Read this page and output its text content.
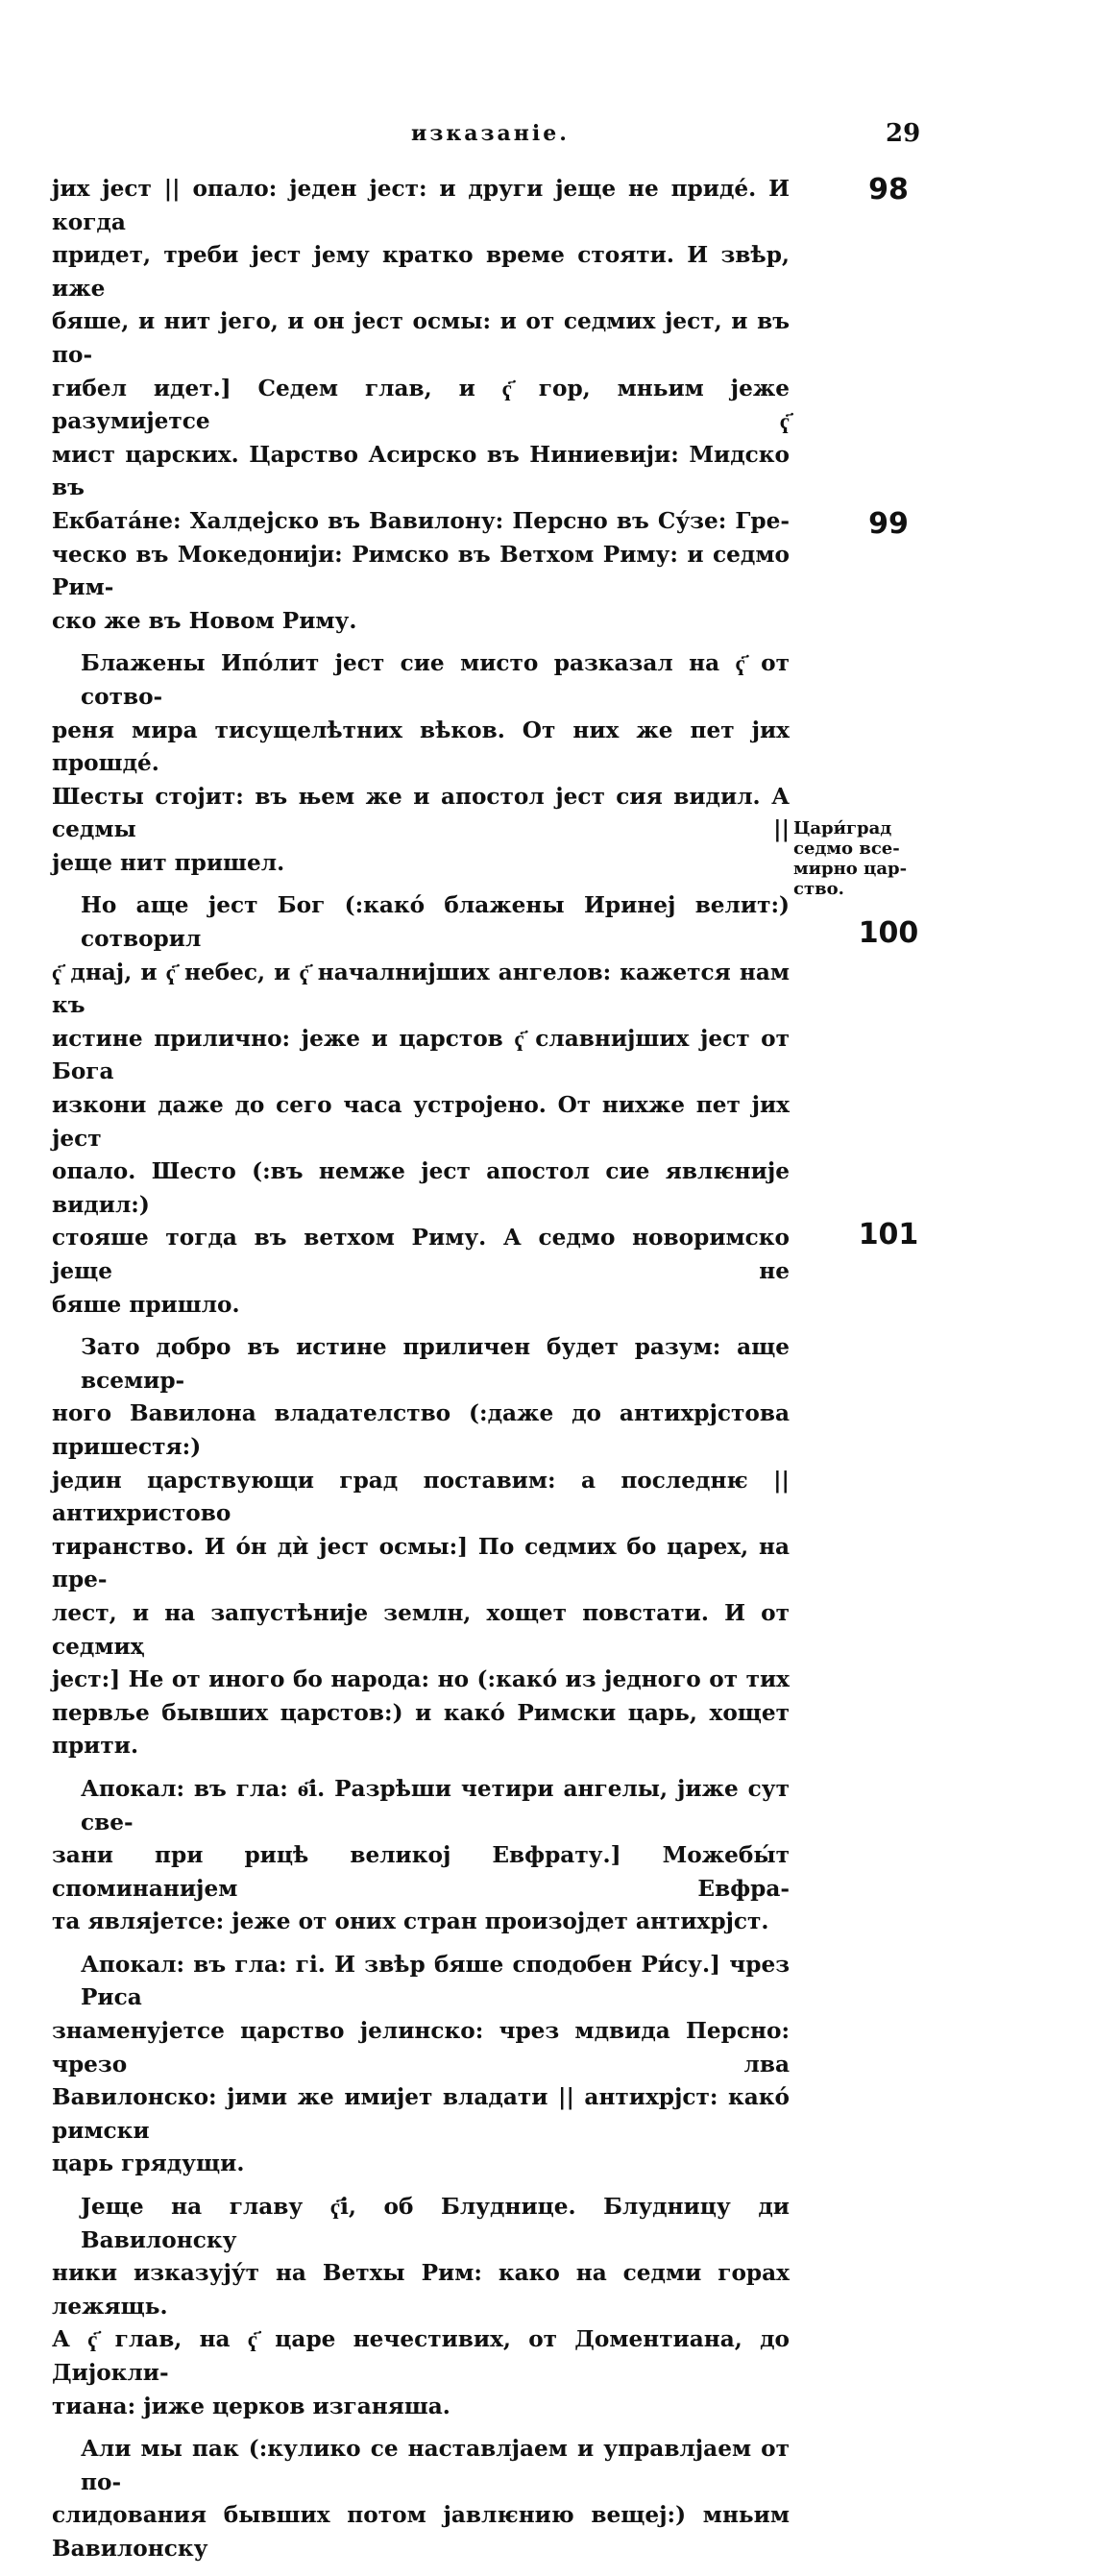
изказаніе.	29

јих јест || опало: једен јест: и други јеще не приде́. И когда
придет, треби јест јему кратко време стояти. И звѣр, иже
бяше, и нит јего, и он јест осмы: и от седмих јест, и въ по-
гибел идет.] Седем глав, и ҁ҃ гор, мньим јеже разумијетсе ҁ҃
мист царских. Царство Асирско въ Ниниевији: Мидско въ
Екбата́не: Халдејско въ Вавилону: Персно въ Су́зе: Гре-
ческо въ Мокедонији: Римско въ Ветхом Риму: и седмо Рим-
ско же въ Новом Риму.

Блажены Ипо́лит јест сие мисто разказал на ҁ҃ от сотво-
реня мира тисущелѣтних вѣков. От них же пет јих прошде́.
Шесты стојит: въ њем же и апостол јест сия видил. А седмы ||
јеще нит пришел.

Но аще јест Бог (:како́ блажены Иринеј велит:) сотворил
ҁ҃ днај, и ҁ҃ небес, и ҁ҃ началнијших ангелов: кажется нам къ
истине прилично: јеже и царстов ҁ҃ славнијших јест от Бога
изкони даже до сего часа устројено. От нихже пет јих јест
опало. Шесто (:въ немже јест апостол сие явлѥније видил:)
стояше тогда въ ветхом Риму. А седмо новоримско јеще не
бяше пришло.

Зато добро въ истине приличен будет разум: аще всемир-
ного Вавилона владателство (:даже до антихрјстова пришестя:)
једин царствующи град поставим: а последнѥ || антихристово
тиранство. И о́н дѝ јест осмы:] По седмих бо царех, на пре-
лест, и на запустѣније землн, хощет повстати. И от седмиҳ
јест:] Не от иного бо народа: но (:како́ из једного от тих
первље бывших царстов:) и како́ Римски царь, хощет прити.

Апокал: въ гла: ѳ҃і. Разрѣши четири ангелы, јиже сут све-
зани при рицѣ великој Евфрату.] Можебы́т споминанијем Евфра-
та являјетсе: јеже от оних стран произојдет антихрјст.

Апокал: въ гла: гі. И звѣр бяше сподобен Ри́су.] чрез Риса
знаменујетсе царство јелинско: чрез мдвида Персно: чрезо лва
Вавилонско: јими же имијет владати || антихрјст: како́ римски
царь грядущи.

Јеще на главу ҁ҃і, об Блуднице. Блудницу ди Вавилонску
ники изказују́т на Ветхы Рим: како на седми горах лежящь.
А ҁ҃ глав, на ҁ҃ царе нечестивих, от Доментиана, до Дијокли-
тиана: јиже церков изганяша.

Али мы пак (:кулико се наставлјаем и управлјаем от по-
слидования бывших потом јавлѥнию вещеј:) мньим Вавилонску

98
99
100
101
Цари́град
седмо все-
мирно цар-
ство.
